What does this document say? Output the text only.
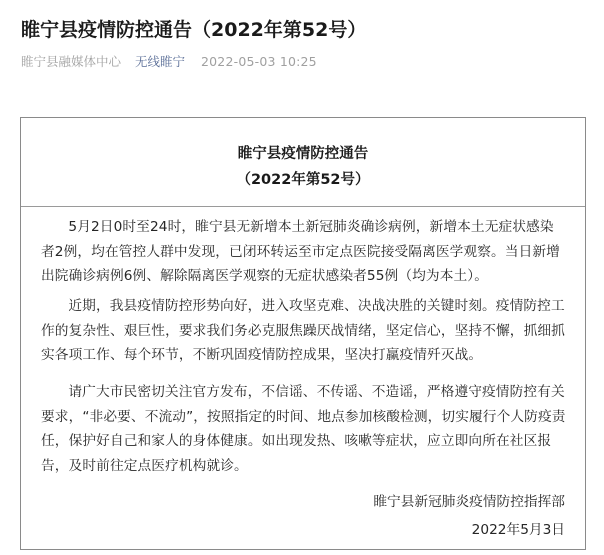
睢宁县疫情防控通告（2022年第52号）
睢宁县融媒体中心 无线睢宁 2022-05-03 10:25
睢宁县疫情防控通告
（2022年第52号）

5月2日0时至24时，睢宁县无新增本土新冠肺炎确诊病例，新增本土无症状感染者2例，均在管控人群中发现，已闭环转运至市定点医院接受隔离医学观察。当日新增出院确诊病例6例、解除隔离医学观察的无症状感染者55例（均为本土）。

近期，我县疫情防控形势向好，进入攻坚克难、决战决胜的关键时刻。疫情防控工作的复杂性、艰巨性，要求我们务必克服焦躁厌战情绪，坚定信心，坚持不懈，抓细抓实各项工作、每个环节，不断巩固疫情防控成果，坚决打赢疫情歼灭战。

请广大市民密切关注官方发布，不信谣、不传谣、不造谣，严格遵守疫情防控有关要求，“非必要、不流动”，按照指定的时间、地点参加核酸检测，切实履行个人防疫责任，保护好自己和家人的身体健康。如出现发热、咳嗽等症状，应立即向所在社区报告，及时前往定点医疗机构就诊。

睢宁县新冠肺炎疫情防控指挥部
2022年5月3日
